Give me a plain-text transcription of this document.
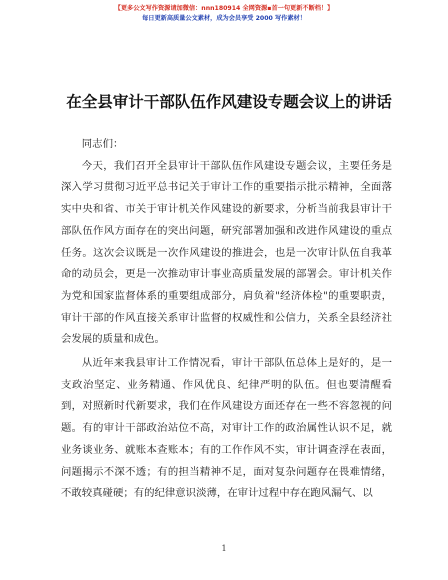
【更多公文写作资源请加微信：nnn180914 全网资源▪首一句更新不断档！】
每日更新高质量公文素材，成为会员享受 2000 写作素材！
在全县审计干部队伍作风建设专题会议上的讲话

同志们：

今天，我们召开全县审计干部队伍作风建设专题会议，主要任务是深入学习贯彻习近平总书记关于审计工作的重要指示批示精神，全面落实中央和省、市关于审计机关作风建设的新要求，分析当前我县审计干部队伍作风方面存在的突出问题，研究部署加强和改进作风建设的重点任务。这次会议既是一次作风建设的推进会，也是一次审计队伍自我革命的动员会，更是一次推动审计事业高质量发展的部署会。审计机关作为党和国家监督体系的重要组成部分，肩负着"经济体检"的重要职责，审计干部的作风直接关系审计监督的权威性和公信力，关系全县经济社会发展的质量和成色。

从近年来我县审计工作情况看，审计干部队伍总体上是好的，是一支政治坚定、业务精通、作风优良、纪律严明的队伍。但也要清醒看到，对照新时代新要求，我们在作风建设方面还存在一些不容忽视的问题。有的审计干部政治站位不高，对审计工作的政治属性认识不足，就业务谈业务、就账本查账本；有的工作作风不实，审计调查浮在表面，问题揭示不深不透；有的担当精神不足，面对复杂问题存在畏难情绪，不敢较真碰硬；有的纪律意识淡薄，在审计过程中存在跑风漏气、以

1
